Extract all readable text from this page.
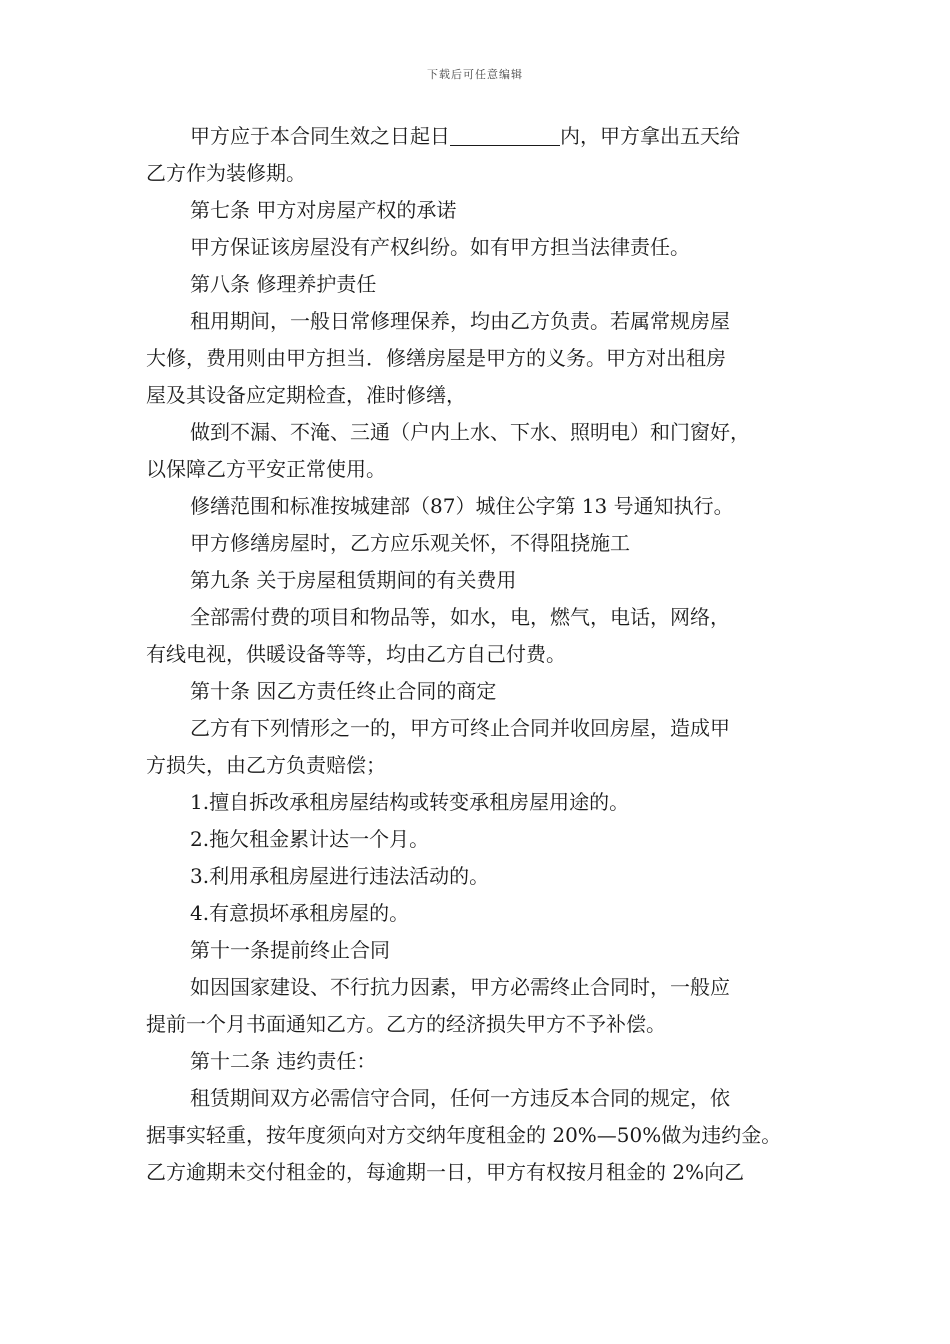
下载后可任意编辑
甲方应于本合同生效之日起日	内，甲方拿出五天给
乙方作为装修期。
第七条 甲方对房屋产权的承诺
甲方保证该房屋没有产权纠纷。如有甲方担当法律责任。
第八条 修理养护责任
租用期间，一般日常修理保养，均由乙方负责。若属常规房屋
大修，费用则由甲方担当．修缮房屋是甲方的义务。甲方对出租房
屋及其设备应定期检查，准时修缮，
做到不漏、不淹、三通（户内上水、下水、照明电）和门窗好，
以保障乙方平安正常使用。
修缮范围和标准按城建部（87）城住公字第 13 号通知执行。
甲方修缮房屋时，乙方应乐观关怀，不得阻挠施工
第九条 关于房屋租赁期间的有关费用
全部需付费的项目和物品等，如水，电，燃气，电话，网络，
有线电视，供暖设备等等，均由乙方自己付费。
第十条 因乙方责任终止合同的商定
乙方有下列情形之一的，甲方可终止合同并收回房屋，造成甲
方损失，由乙方负责赔偿；
1.擅自拆改承租房屋结构或转变承租房屋用途的。
2.拖欠租金累计达一个月。
3.利用承租房屋进行违法活动的。
4.有意损坏承租房屋的。
第十一条提前终止合同
如因国家建设、不行抗力因素，甲方必需终止合同时，一般应
提前一个月书面通知乙方。乙方的经济损失甲方不予补偿。
第十二条 违约责任：
租赁期间双方必需信守合同，任何一方违反本合同的规定，依
据事实轻重，按年度须向对方交纳年度租金的 20%—50%做为违约金。
乙方逾期未交付租金的，每逾期一日，甲方有权按月租金的 2%向乙
